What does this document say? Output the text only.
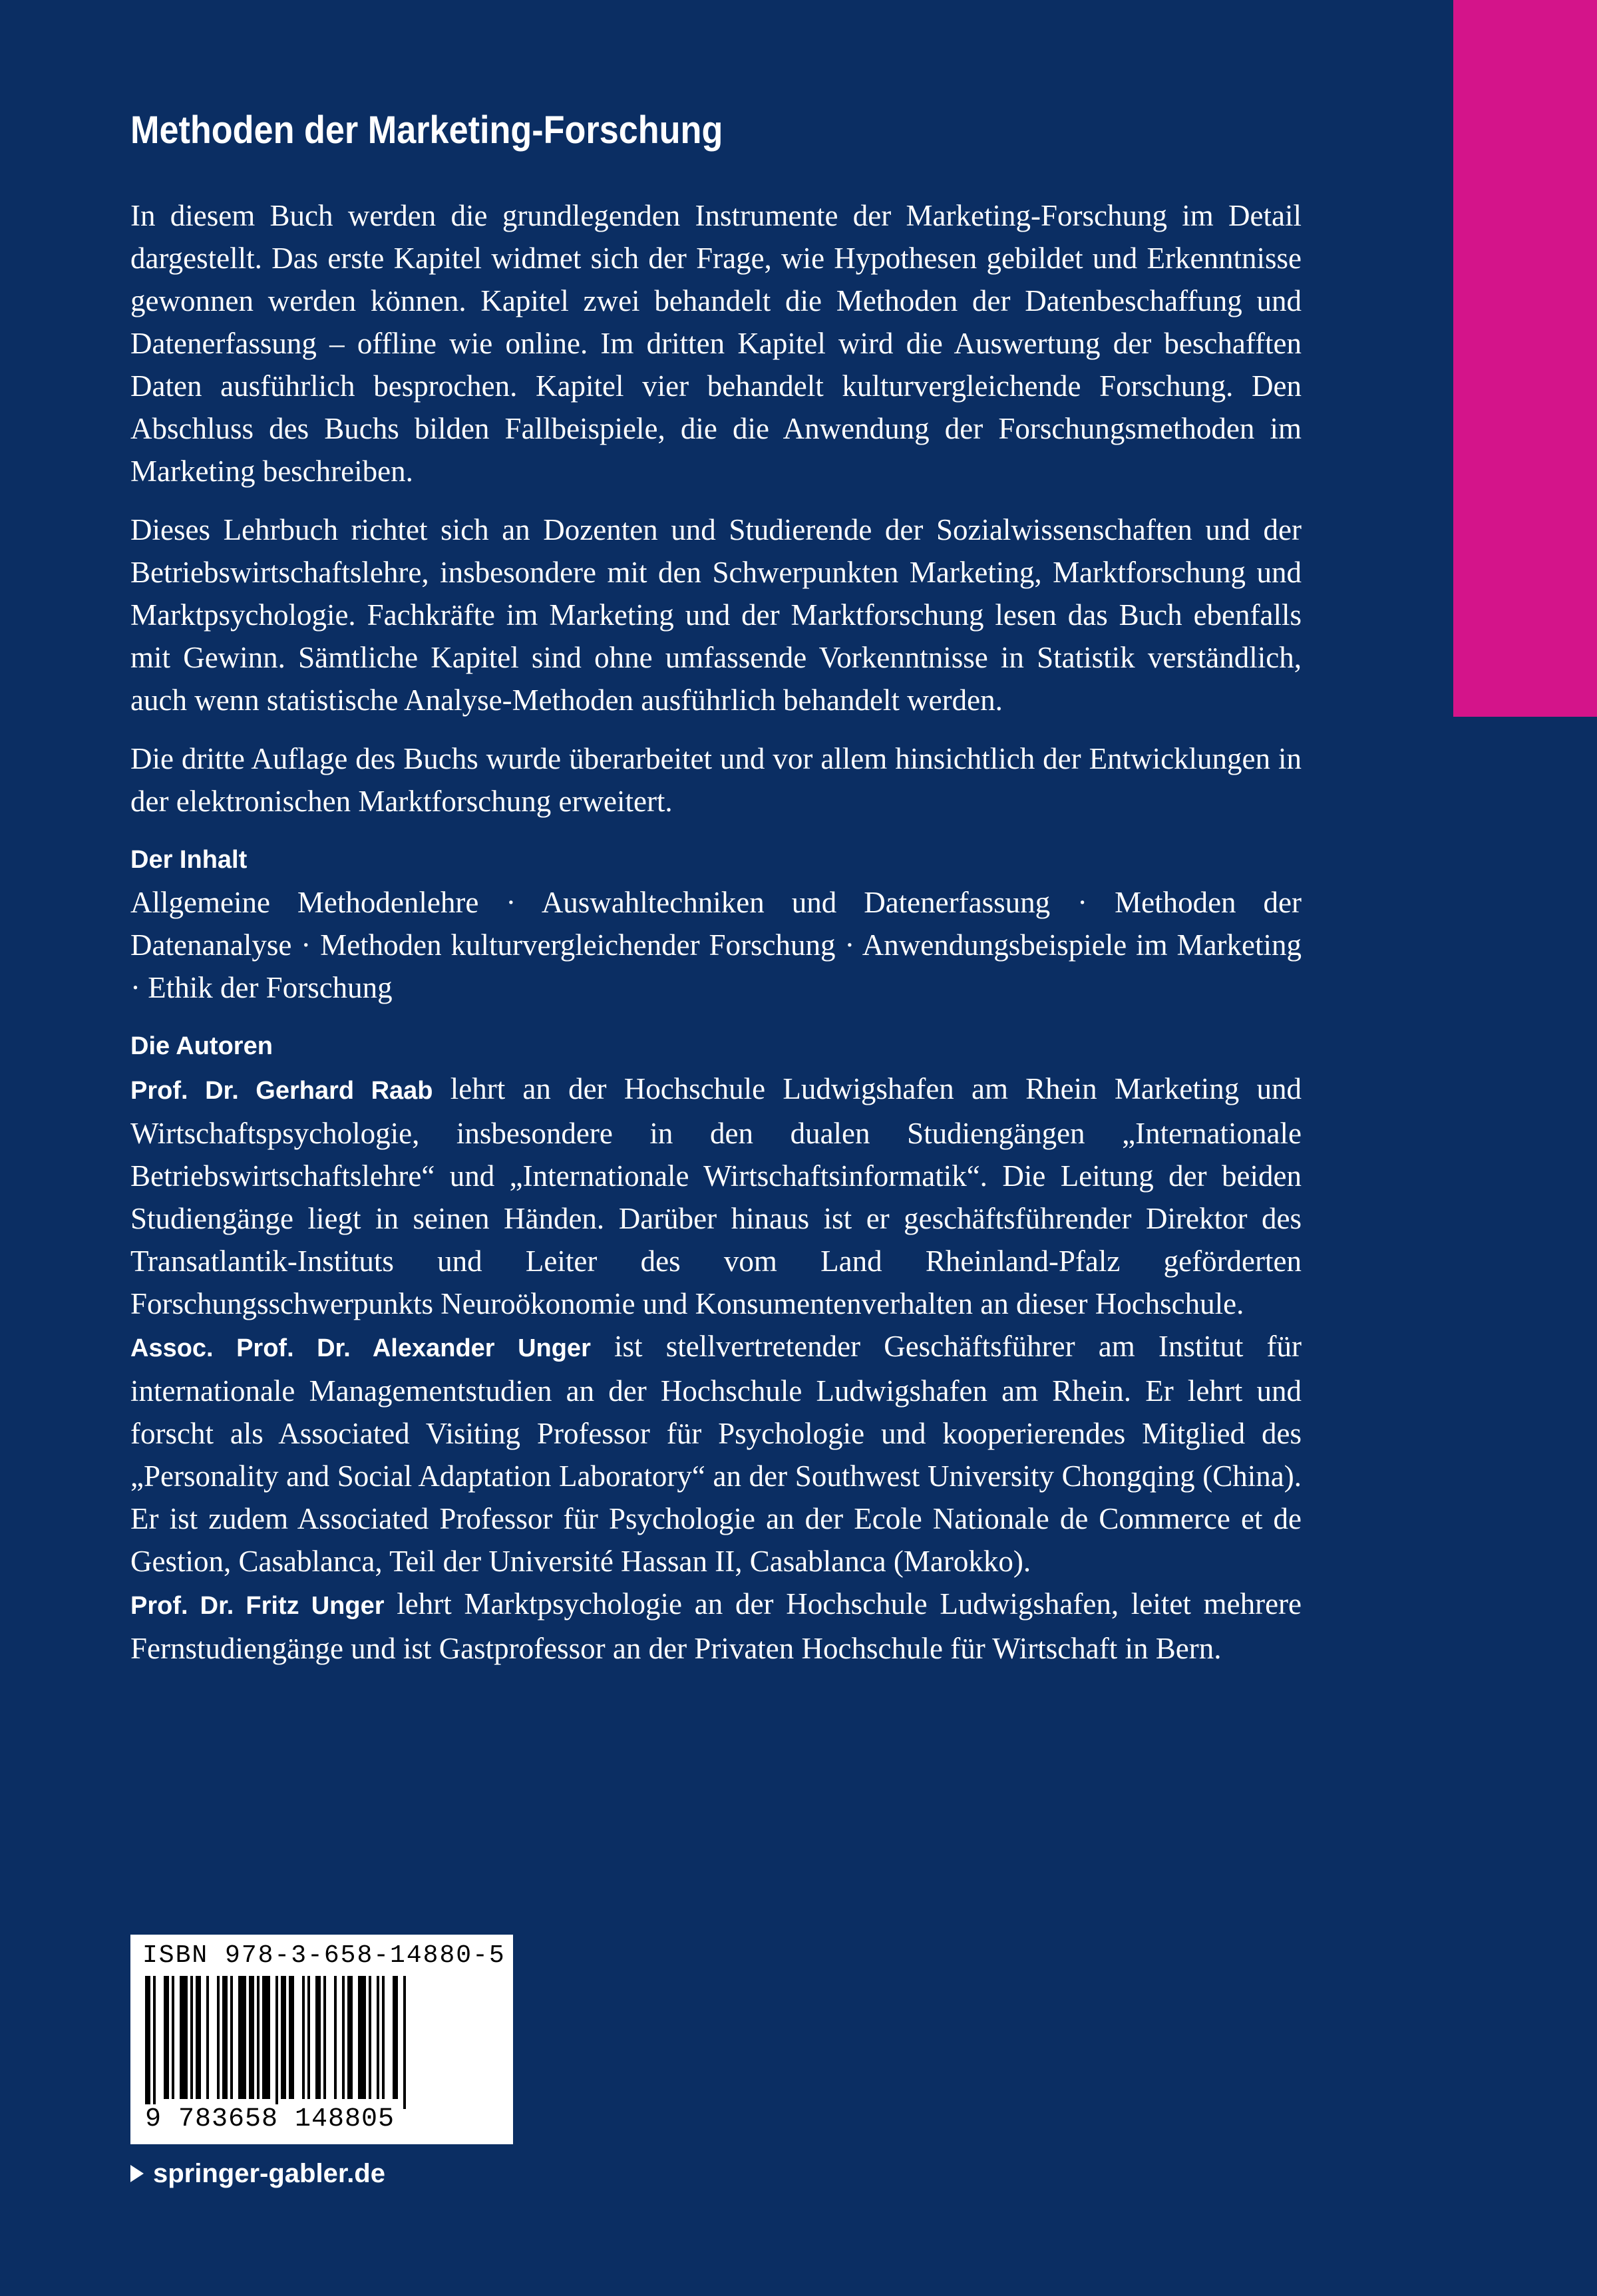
Methoden der Marketing-Forschung

In diesem Buch werden die grundlegenden Instrumente der Marketing-Forschung im Detail dargestellt. Das erste Kapitel widmet sich der Frage, wie Hypothesen gebildet und Erkenntnisse gewonnen werden können. Kapitel zwei behandelt die Methoden der Datenbeschaffung und Datenerfassung – offline wie online. Im dritten Kapitel wird die Auswertung der beschafften Daten ausführlich besprochen. Kapitel vier behandelt kulturvergleichende Forschung. Den Abschluss des Buchs bilden Fallbeispiele, die die Anwendung der Forschungsmethoden im Marketing beschreiben.

Dieses Lehrbuch richtet sich an Dozenten und Studierende der Sozialwissenschaften und der Betriebswirtschaftslehre, insbesondere mit den Schwerpunkten Marketing, Marktforschung und Marktpsychologie. Fachkräfte im Marketing und der Marktforschung lesen das Buch ebenfalls mit Gewinn. Sämtliche Kapitel sind ohne umfassende Vorkenntnisse in Statistik verständlich, auch wenn statistische Analyse-Methoden ausführlich behandelt werden.

Die dritte Auflage des Buchs wurde überarbeitet und vor allem hinsichtlich der Entwicklungen in der elektronischen Marktforschung erweitert.

Der Inhalt

Allgemeine Methodenlehre · Auswahltechniken und Datenerfassung · Methoden der Datenanalyse · Methoden kulturvergleichender Forschung · Anwendungsbeispiele im Marketing · Ethik der Forschung

Die Autoren

Prof. Dr. Gerhard Raab lehrt an der Hochschule Ludwigshafen am Rhein Marketing und Wirtschaftspsychologie, insbesondere in den dualen Studiengängen „Internationale Betriebswirtschaftslehre“ und „Internationale Wirtschaftsinformatik“. Die Leitung der beiden Studiengänge liegt in seinen Händen. Darüber hinaus ist er geschäftsführender Direktor des Transatlantik-Instituts und Leiter des vom Land Rheinland-Pfalz geförderten Forschungsschwerpunkts Neuroökonomie und Konsumentenverhalten an dieser Hochschule.

Assoc. Prof. Dr. Alexander Unger ist stellvertretender Geschäftsführer am Institut für internationale Managementstudien an der Hochschule Ludwigshafen am Rhein. Er lehrt und forscht als Associated Visiting Professor für Psychologie und kooperierendes Mitglied des „Personality and Social Adaptation Laboratory“ an der Southwest University Chongqing (China). Er ist zudem Associated Professor für Psychologie an der Ecole Nationale de Commerce et de Gestion, Casablanca, Teil der Université Hassan II, Casablanca (Marokko).

Prof. Dr. Fritz Unger lehrt Marktpsychologie an der Hochschule Ludwigshafen, leitet mehrere Fernstudiengänge und ist Gastprofessor an der Privaten Hochschule für Wirtschaft in Bern.

ISBN 978-3-658-14880-5
9 783658 148805
springer-gabler.de
